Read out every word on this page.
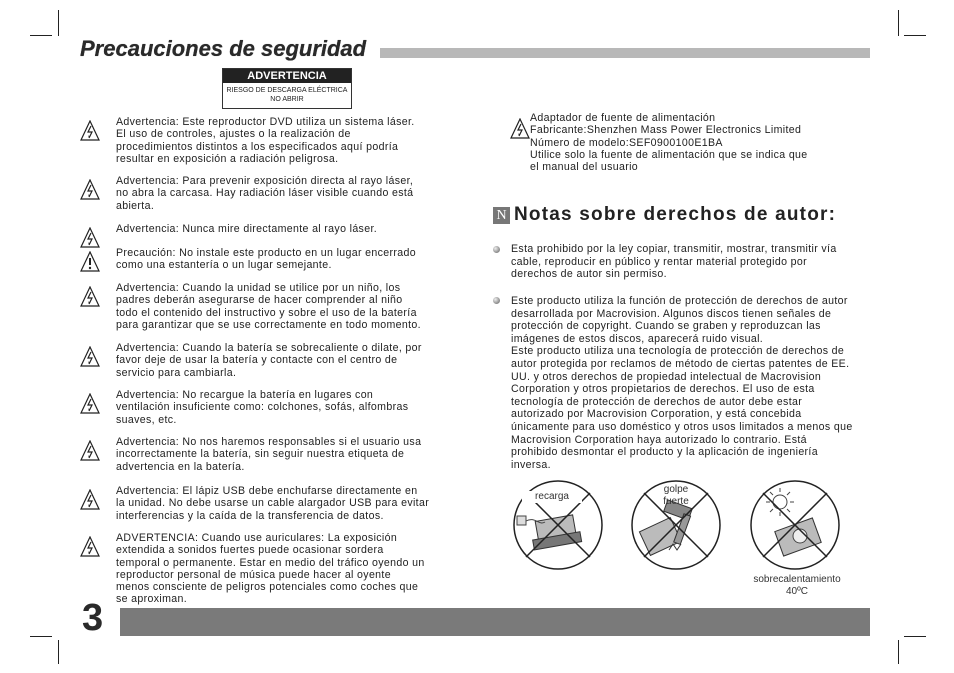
Precauciones de seguridad
ADVERTENCIA
RIESGO DE DESCARGA ELÉCTRICA
NO ABRIR
Advertencia: Este reproductor DVD utiliza un sistema láser.
El uso de controles, ajustes o la realización de
procedimientos distintos a los especificados aquí podría
resultar en exposición a radiación peligrosa.
Advertencia: Para prevenir exposición directa al rayo láser,
no abra la carcasa. Hay radiación láser visible cuando está
abierta.
Advertencia: Nunca mire directamente al rayo láser.
Precaución: No instale este producto en un lugar encerrado
como una estantería o un lugar semejante.
Advertencia: Cuando la unidad se utilice por un niño, los
padres deberán asegurarse de hacer comprender al niño
todo el contenido del instructivo y sobre el uso de la batería
para garantizar que se use correctamente en todo momento.
Advertencia: Cuando la batería se sobrecaliente o dilate, por
favor deje de usar la batería y contacte con el centro de
servicio para cambiarla.
Advertencia: No recargue la batería en lugares con
ventilación insuficiente como: colchones, sofás, alfombras
suaves, etc.
Advertencia: No nos haremos responsables si el usuario usa
incorrectamente la batería, sin seguir nuestra etiqueta de
advertencia en la batería.
Advertencia: El lápiz USB debe enchufarse directamente en
la unidad. No debe usarse un cable alargador USB para evitar
interferencias y la caída de la transferencia de datos.
ADVERTENCIA: Cuando use auriculares: La exposición
extendida a sonidos fuertes puede ocasionar sordera
temporal o permanente. Estar en medio del tráfico oyendo un
reproductor personal de música puede hacer al oyente
menos consciente de peligros potenciales como coches que
se aproximan.
Adaptador de fuente de alimentación
Fabricante:Shenzhen Mass Power Electronics Limited
Número de modelo:SEF0900100E1BA
Utilice solo la fuente de alimentación que se indica que
el manual del usuario
N Notas sobre derechos de autor:
Esta prohibido por la ley copiar, transmitir, mostrar, transmitir vía
cable, reproducir en público y rentar material protegido por
derechos de autor sin permiso.
Este producto utiliza la función de protección de derechos de autor
desarrollada por Macrovision. Algunos discos tienen señales de
protección de copyright. Cuando se graben y reproduzcan las
imágenes de estos discos, aparecerá ruido visual.
Este producto utiliza una tecnología de protección de derechos de
autor protegida por reclamos de método de ciertas patentes de EE.
UU. y otros derechos de propiedad intelectual de Macrovision
Corporation y otros propietarios de derechos. El uso de esta
tecnología de protección de derechos de autor debe estar
autorizado por Macrovision Corporation, y está concebida
únicamente para uso doméstico y otros usos limitados a menos que
Macrovision Corporation haya autorizado lo contrario. Está
prohibido desmontar el producto y la aplicación de ingeniería
inversa.
recarga
golpe
fuerte
sobrecalentamiento
40ºC
3
